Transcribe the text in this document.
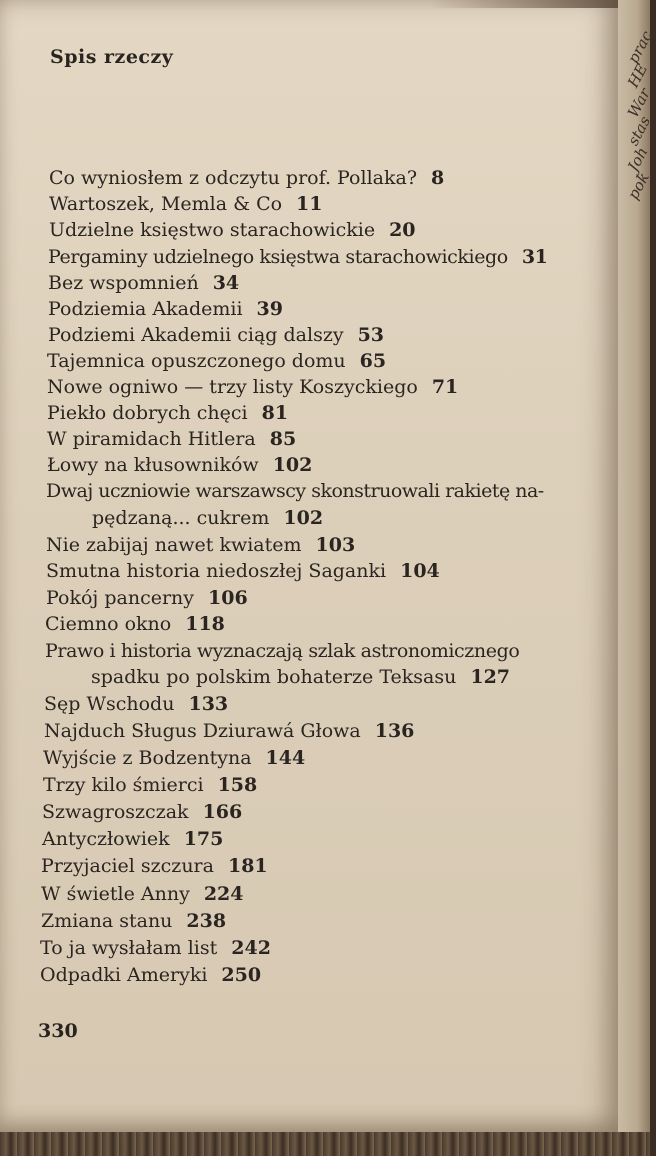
prac
HE
War
stas
Joh
pok
Spis rzeczy
Co wyniosłem z odczytu prof. Pollaka? 8
Wartoszek, Memla & Co 11
Udzielne księstwo starachowickie 20
Pergaminy udzielnego księstwa starachowickiego 31
Bez wspomnień 34
Podziemia Akademii 39
Podziemi Akademii ciąg dalszy 53
Tajemnica opuszczonego domu 65
Nowe ogniwo — trzy listy Koszyckiego 71
Piekło dobrych chęci 81
W piramidach Hitlera 85
Łowy na kłusowników 102
Dwaj uczniowie warszawscy skonstruowali rakietę na-
pędzaną... cukrem 102
Nie zabijaj nawet kwiatem 103
Smutna historia niedoszłej Saganki 104
Pokój pancerny 106
Ciemno okno 118
Prawo i historia wyznaczają szlak astronomicznego
spadku po polskim bohaterze Teksasu 127
Sęp Wschodu 133
Najduch Sługus Dziurawá Głowa 136
Wyjście z Bodzentyna 144
Trzy kilo śmierci 158
Szwagroszczak 166
Antyczłowiek 175
Przyjaciel szczura 181
W świetle Anny 224
Zmiana stanu 238
To ja wysłałam list 242
Odpadki Ameryki 250
330
